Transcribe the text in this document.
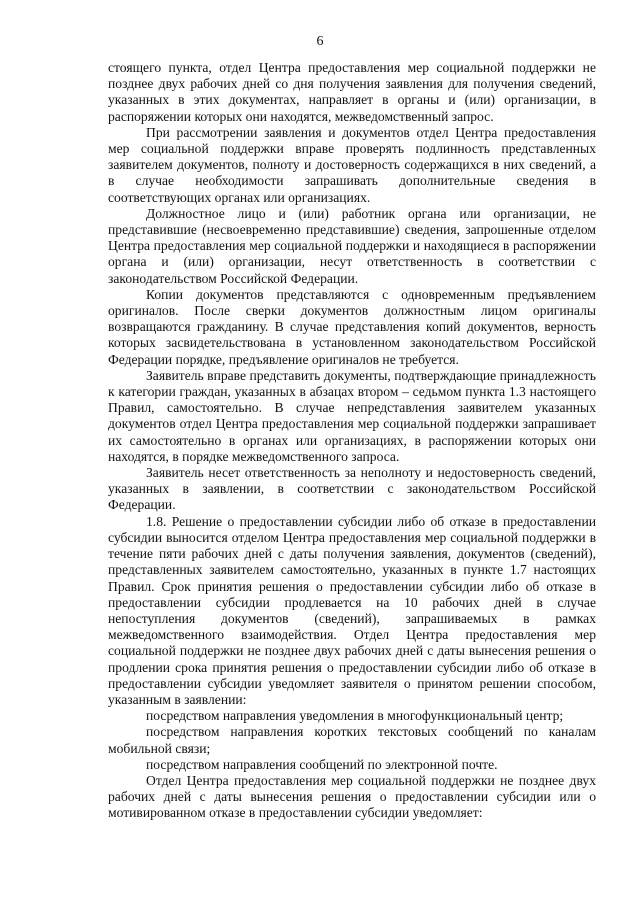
6

стоящего пункта, отдел Центра предоставления мер социальной поддержки не позднее двух рабочих дней со дня получения заявления для получения сведений, указанных в этих документах, направляет в органы и (или) организации, в распоряжении которых они находятся, межведомственный запрос.

При рассмотрении заявления и документов отдел Центра предоставления мер социальной поддержки вправе проверять подлинность представленных заявителем документов, полноту и достоверность содержащихся в них сведений, а в случае необходимости запрашивать дополнительные сведения в соответствующих органах или организациях.

Должностное лицо и (или) работник органа или организации, не представившие (несвоевременно представившие) сведения, запрошенные отделом Центра предоставления мер социальной поддержки и находящиеся в распоряжении органа и (или) организации, несут ответственность в соответствии с законодательством Российской Федерации.

Копии документов представляются с одновременным предъявлением оригиналов. После сверки документов должностным лицом оригиналы возвращаются гражданину. В случае представления копий документов, верность которых засвидетельствована в установленном законодательством Российской Федерации порядке, предъявление оригиналов не требуется.

Заявитель вправе представить документы, подтверждающие принадлежность к категории граждан, указанных в абзацах втором – седьмом пункта 1.3 настоящего Правил, самостоятельно. В случае непредставления заявителем указанных документов отдел Центра предоставления мер социальной поддержки запрашивает их самостоятельно в органах или организациях, в распоряжении которых они находятся, в порядке межведомственного запроса.

Заявитель несет ответственность за неполноту и недостоверность сведений, указанных в заявлении, в соответствии с законодательством Российской Федерации.

1.8. Решение о предоставлении субсидии либо об отказе в предоставлении субсидии выносится отделом Центра предоставления мер социальной поддержки в течение пяти рабочих дней с даты получения заявления, документов (сведений), представленных заявителем самостоятельно, указанных в пункте 1.7 настоящих Правил. Срок принятия решения о предоставлении субсидии либо об отказе в предоставлении субсидии продлевается на 10 рабочих дней в случае непоступления документов (сведений), запрашиваемых в рамках межведомственного взаимодействия. Отдел Центра предоставления мер социальной поддержки не позднее двух рабочих дней с даты вынесения решения о продлении срока принятия решения о предоставлении субсидии либо об отказе в предоставлении субсидии уведомляет заявителя о принятом решении способом, указанным в заявлении:

посредством направления уведомления в многофункциональный центр;

посредством направления коротких текстовых сообщений по каналам мобильной связи;

посредством направления сообщений по электронной почте.

Отдел Центра предоставления мер социальной поддержки не позднее двух рабочих дней с даты вынесения решения о предоставлении субсидии или о мотивированном отказе в предоставлении субсидии уведомляет:
